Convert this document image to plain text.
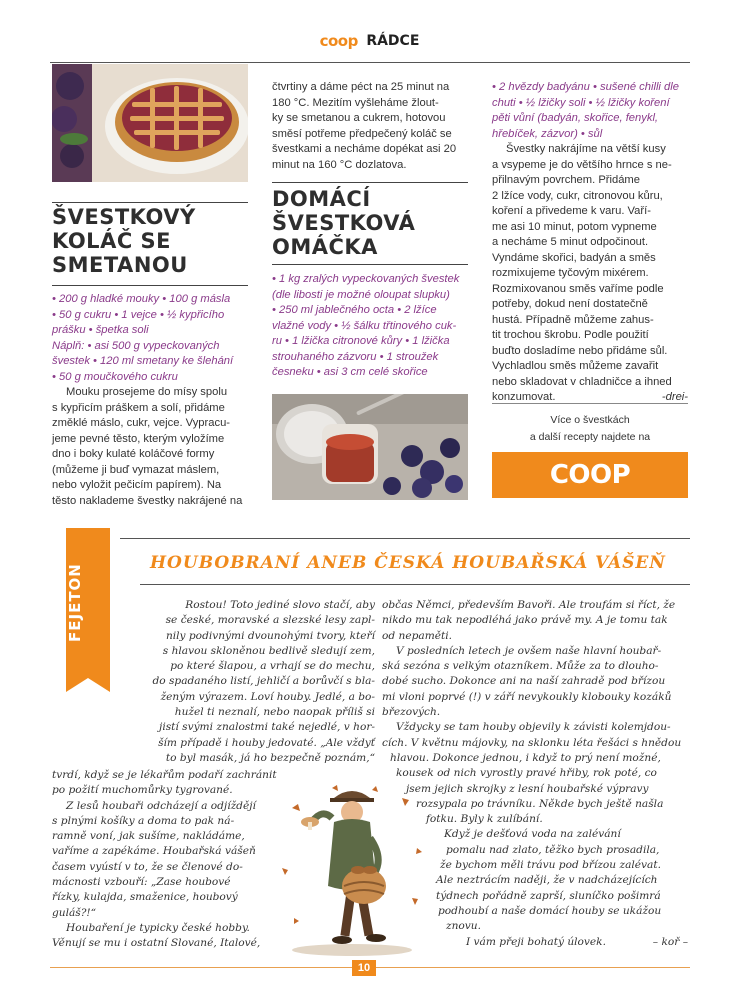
coop RÁDCE
ŠVESTKOVÝ KOLÁČ SE SMETANOU

• 200 g hladké mouky • 100 g másla

• 50 g cukru • 1 vejce • ½ kypřicího

prášku • špetka soli

Náplň: • asi 500 g vypeckovaných

švestek • 120 ml smetany ke šlehání

• 50 g moučkového cukru

Mouku prosejeme do mísy spolu

s kypřicím práškem a solí, přidáme

změklé máslo, cukr, vejce. Vypracu-

jeme pevné těsto, kterým vyložíme

dno i boky kulaté koláčové formy

(můžeme ji buď vymazat máslem,

nebo vyložit pečicím papírem). Na

těsto naklademe švestky nakrájené na

čtvrtiny a dáme péct na 25 minut na

180 °C. Mezitím vyšleháme žlout-

ky se smetanou a cukrem, hotovou

směsí potřeme předpečený koláč se

švestkami a necháme dopékat asi 20

minut na 160 °C dozlatova.

DOMÁCÍ
ŠVESTKOVÁ
OMÁČKA

• 1 kg zralých vypeckovaných švestek

(dle libosti je možné oloupat slupku)

• 250 ml jablečného octa • 2 lžíce

vlažné vody • ½ šálku třtinového cuk-

ru • 1 lžička citronové kůry • 1 lžička

strouhaného zázvoru • 1 stroužek

česneku • asi 3 cm celé skořice

• 2 hvězdy badyánu • sušené chilli dle

chuti • ½ lžičky soli • ½ lžičky koření

pěti vůní (badyán, skořice, fenykl,

hřebíček, zázvor) • sůl

Švestky nakrájíme na větší kusy

a vsypeme je do většího hrnce s ne-

přilnavým povrchem. Přidáme

2 lžíce vody, cukr, citronovou kůru,

koření a přivedeme k varu. Vaří-

me asi 10 minut, potom vypneme

a necháme 5 minut odpočinout.

Vyndáme skořici, badyán a směs

rozmixujeme tyčovým mixérem.

Rozmixovanou směs vaříme podle

potřeby, dokud není dostatečně

hustá. Případně můžeme zahus-

tit trochou škrobu. Podle použití

buďto dosladíme nebo přidáme sůl.

Vychladlou směs můžeme zavařit

nebo skladovat v chladničce a ihned

konzumovat.	-drei-

Více o švestkách
a další recepty najdete na
COOP CLUB.CZ
FEJETON
HOUBOBRANÍ ANEB ČESKÁ HOUBAŘSKÁ VÁŠEŇ

Rostou! Toto jediné slovo stačí, aby

se české, moravské a slezské lesy zapl-

nily podivnými dvounohými tvory, kteří

s hlavou skloněnou bedlivě sledují zem,

po které šlapou, a vrhají se do mechu,

do spadaného listí, jehličí a borůvčí s bla-

ženým výrazem. Loví houby. Jedlé, a bo-

hužel ti neznalí, nebo naopak příliš si

jistí svými znalostmi také nejedlé, v hor-

ším případě i houby jedovaté. „Ale vždyť

to byl masák, já ho bezpečně poznám,“

tvrdí, když se je lékařům podaří zachránit

po požití muchomůrky tygrované.

Z lesů houbaři odcházejí a odjíždějí

s plnými košíky a doma to pak ná-

ramně voní, jak sušíme, nakládáme,

vaříme a zapékáme. Houbařská vášeň

časem vyústí v to, že se členové do-

mácnosti vzbouří: „Zase houbové

řízky, kulajda, smaženice, houbový

guláš?!“

Houbaření je typicky české hobby.

Věnují se mu i ostatní Slované, Italové,

občas Němci, především Bavoři. Ale troufám si říct, že

nikdo mu tak nepodléhá jako právě my. A je tomu tak

od nepaměti.

V posledních letech je ovšem naše hlavní houbař-

ská sezóna s velkým otazníkem. Může za to dlouho-

dobé sucho. Dokonce ani na naší zahradě pod břízou

mi vloni poprvé (!) v září nevykoukly klobouky kozáků

březových.

Vždycky se tam houby objevily k závisti kolemjdou-

cích. V květnu májovky, na sklonku léta řešáci s hnědou

hlavou. Dokonce jednou, i když to prý není možné,

kousek od nich vyrostly pravé hřiby, rok poté, co

jsem jejich skrojky z lesní houbařské výpravy

rozsypala po trávníku. Někde bych ještě našla

fotku. Byly k zulíbání.

Když je dešťová voda na zalévání

pomalu nad zlato, těžko bych prosadila,

že bychom měli trávu pod břízou zalévat.

Ale neztrácím naději, že v nadcházejících

týdnech pořádně zaprší, sluníčko pošimrá

podhoubí a naše domácí houby se ukážou

znovu.

I vám přeji bohatý úlovek.	– koř –

10
